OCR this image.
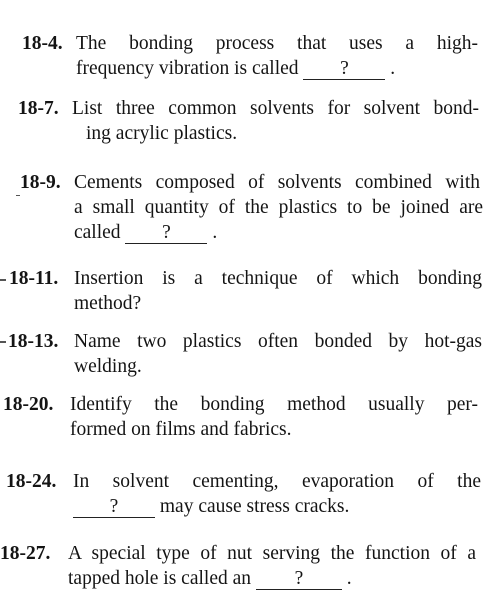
18-4. The bonding process that uses a high-
frequency vibration is called ? .
18-7. List three common solvents for solvent bond-
ing acrylic plastics.
18-9. Cements composed of solvents combined with
a small quantity of the plastics to be joined are
called ? .
18-11. Insertion is a technique of which bonding
method?
18-13. Name two plastics often bonded by hot-gas
welding.
18-20. Identify the bonding method usually per-
formed on films and fabrics.
18-24. In solvent cementing, evaporation of the
? may cause stress cracks.
18-27. A special type of nut serving the function of a
tapped hole is called an ? .
